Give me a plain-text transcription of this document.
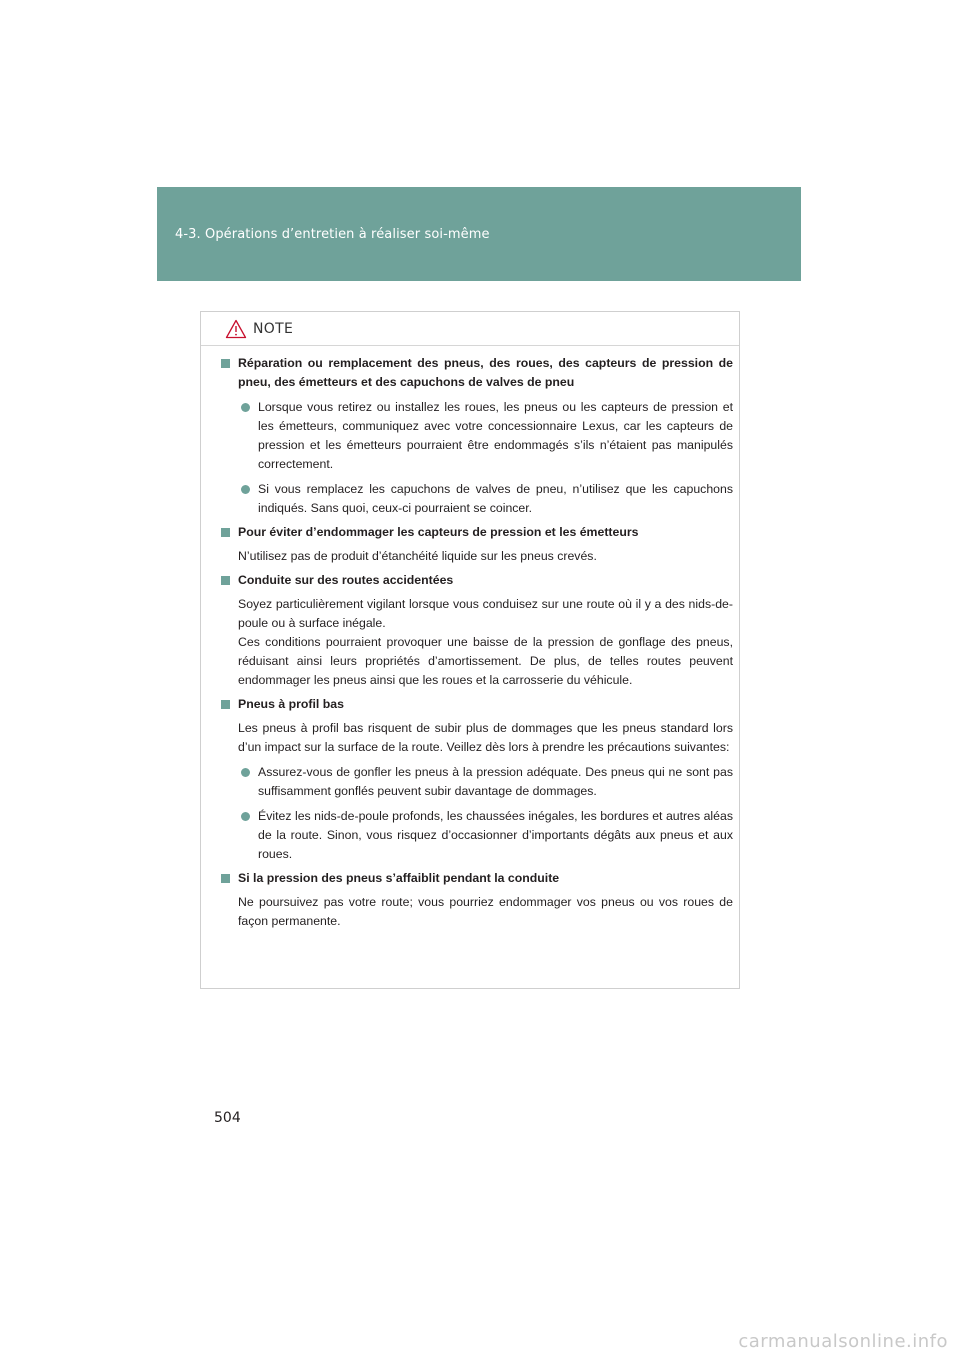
4-3. Opérations d’entretien à réaliser soi-même
NOTE
Réparation ou remplacement des pneus, des roues, des capteurs de pression de pneu, des émetteurs et des capuchons de valves de pneu
Lorsque vous retirez ou installez les roues, les pneus ou les capteurs de pression et les émetteurs, communiquez avec votre concessionnaire Lexus, car les capteurs de pression et les émetteurs pourraient être endommagés s’ils n’étaient pas manipulés correctement.
Si vous remplacez les capuchons de valves de pneu, n’utilisez que les capuchons indiqués. Sans quoi, ceux-ci pourraient se coincer.
Pour éviter d’endommager les capteurs de pression et les émetteurs
N’utilisez pas de produit d’étanchéité liquide sur les pneus crevés.
Conduite sur des routes accidentées
Soyez particulièrement vigilant lorsque vous conduisez sur une route où il y a des nids-de-poule ou à surface inégale.
Ces conditions pourraient provoquer une baisse de la pression de gonflage des pneus, réduisant ainsi leurs propriétés d’amortissement. De plus, de telles routes peuvent endommager les pneus ainsi que les roues et la carrosserie du véhicule.
Pneus à profil bas
Les pneus à profil bas risquent de subir plus de dommages que les pneus standard lors d’un impact sur la surface de la route. Veillez dès lors à prendre les précautions suivantes:
Assurez-vous de gonfler les pneus à la pression adéquate. Des pneus qui ne sont pas suffisamment gonflés peuvent subir davantage de dommages.
Évitez les nids-de-poule profonds, les chaussées inégales, les bordures et autres aléas de la route. Sinon, vous risquez d’occasionner d’importants dégâts aux pneus et aux roues.
Si la pression des pneus s’affaiblit pendant la conduite
Ne poursuivez pas votre route; vous pourriez endommager vos pneus ou vos roues de façon permanente.
504
carmanualsonline.info
